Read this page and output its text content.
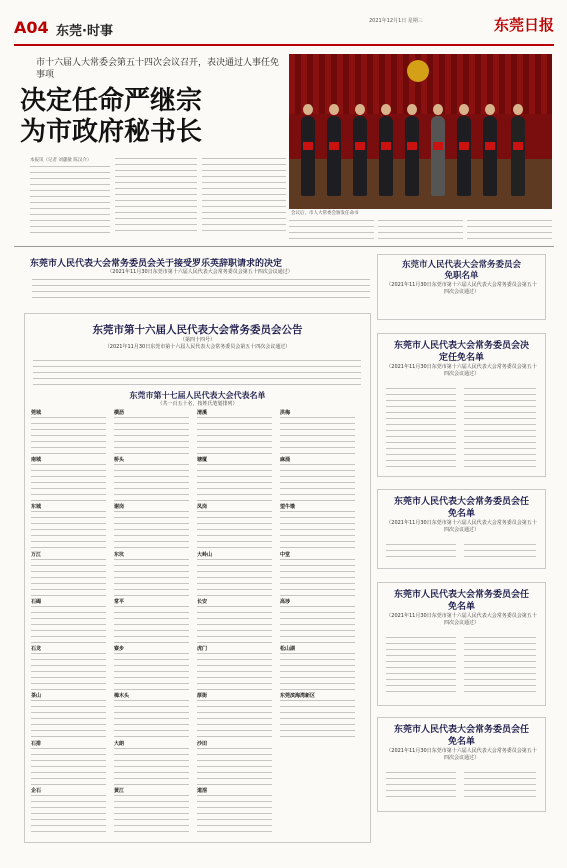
A04 东莞·时事
2021年12月1日 星期三	东莞日报
市十六届人大常委会第五十四次会议召开，表决通过人事任免事项
决定任命严继宗
为市政府秘书长
本报讯（记者 刘蕙敏 陈汉介）
会议后，市人大常委会颁发任命书
东莞市人民代表大会常务委员会关于接受罗乐英辞职请求的决定
（2021年11月30日东莞市第十六届人民代表大会常务委员会第五十四次会议通过）
东莞市第十六届人民代表大会常务委员会公告
（第四十四号）
（2021年11月30日东莞市第十六届人民代表大会常务委员会第五十四次会议通过）
东莞市第十七届人民代表大会代表名单
（共一百五十名，按姓氏笔划排列）
莞城
南城
东城
万江
石碣
石龙
茶山
石排
企石
横沥
桥头
谢岗
东坑
常平
寮步
樟木头
大朗
黄江
清溪
塘厦
凤岗
大岭山
长安
虎门
厚街
沙田
道滘
洪梅
麻涌
望牛墩
中堂
高埗
松山湖
东莞滨海湾新区
东莞市人民代表大会常务委员会免职名单
（2021年11月30日东莞市第十六届人民代表大会常务委员会第五十四次会议通过）
东莞市人民代表大会常务委员会决定任免名单
（2021年11月30日东莞市第十六届人民代表大会常务委员会第五十四次会议通过）
东莞市人民代表大会常务委员会任免名单
（2021年11月30日东莞市第十六届人民代表大会常务委员会第五十四次会议通过）
东莞市人民代表大会常务委员会任免名单
（2021年11月30日东莞市第十六届人民代表大会常务委员会第五十四次会议通过）
东莞市人民代表大会常务委员会任免名单
（2021年11月30日东莞市第十六届人民代表大会常务委员会第五十四次会议通过）
